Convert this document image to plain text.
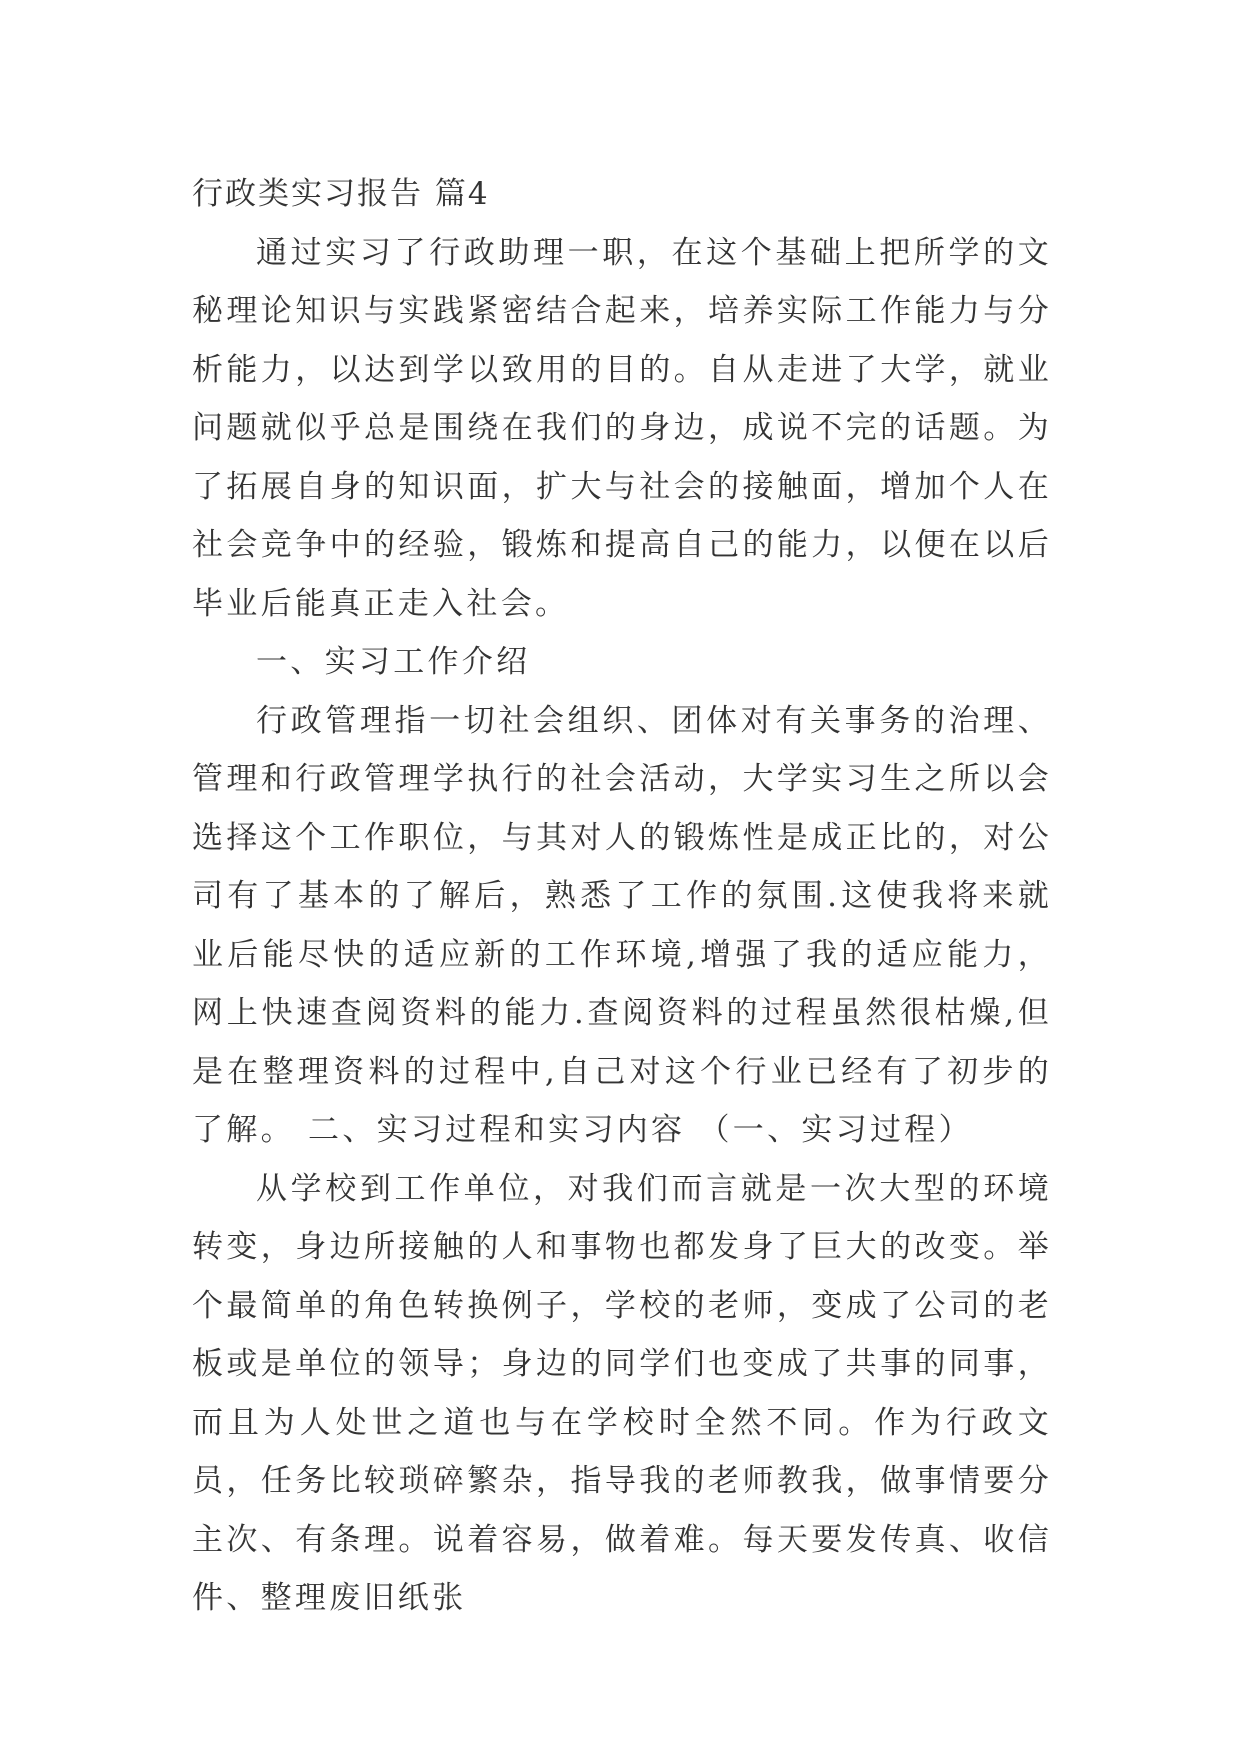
行政类实习报告 篇4

通过实习了行政助理一职，在这个基础上把所学的文秘理论知识与实践紧密结合起来，培养实际工作能力与分析能力，以达到学以致用的目的。自从走进了大学，就业问题就似乎总是围绕在我们的身边，成说不完的话题。为了拓展自身的知识面，扩大与社会的接触面，增加个人在社会竞争中的经验，锻炼和提高自己的能力，以便在以后毕业后能真正走入社会。

一、实习工作介绍

行政管理指一切社会组织、团体对有关事务的治理、管理和行政管理学执行的社会活动，大学实习生之所以会选择这个工作职位，与其对人的锻炼性是成正比的，对公司有了基本的了解后，熟悉了工作的氛围.这使我将来就业后能尽快的适应新的工作环境,增强了我的适应能力，网上快速查阅资料的能力.查阅资料的过程虽然很枯燥,但是在整理资料的过程中,自己对这个行业已经有了初步的了解。 二、实习过程和实习内容 （一、实习过程）

从学校到工作单位，对我们而言就是一次大型的环境转变，身边所接触的人和事物也都发身了巨大的改变。举个最简单的角色转换例子，学校的老师，变成了公司的老板或是单位的领导；身边的同学们也变成了共事的同事，而且为人处世之道也与在学校时全然不同。作为行政文员，任务比较琐碎繁杂，指导我的老师教我，做事情要分主次、有条理。说着容易，做着难。每天要发传真、收信件、整理废旧纸张
